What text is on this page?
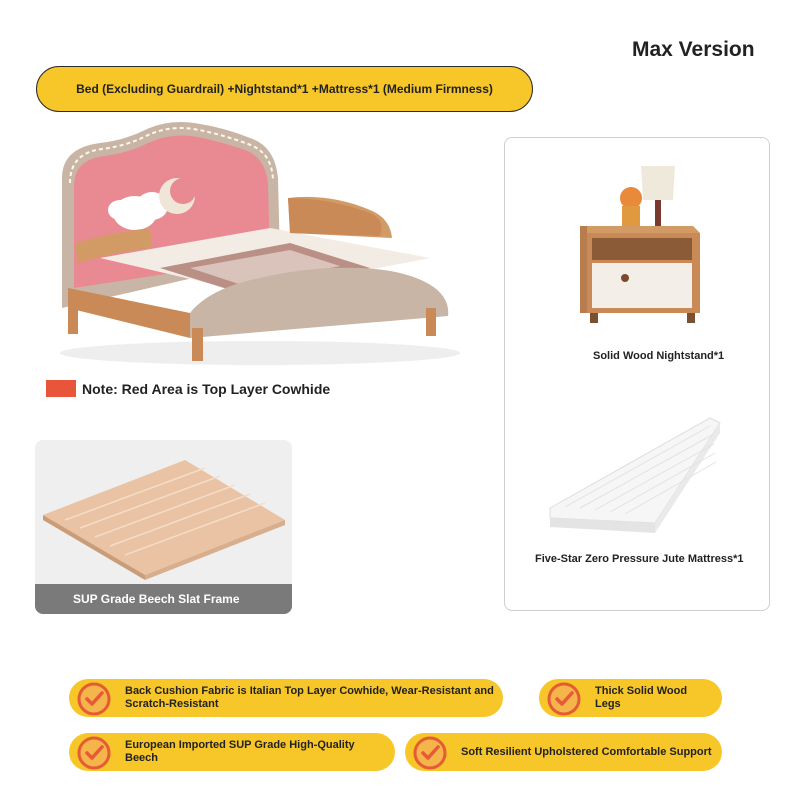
Max Version
Bed (Excluding Guardrail) +Nightstand*1 +Mattress*1 (Medium Firmness)
Note: Red Area is Top Layer Cowhide
SUP Grade Beech Slat Frame
Solid Wood Nightstand*1
Five-Star Zero Pressure Jute Mattress*1
Back Cushion Fabric is Italian Top Layer Cowhide, Wear-Resistant and Scratch-Resistant
Thick Solid Wood Legs
European Imported SUP Grade High-Quality Beech
Soft Resilient Upholstered Comfortable Support
